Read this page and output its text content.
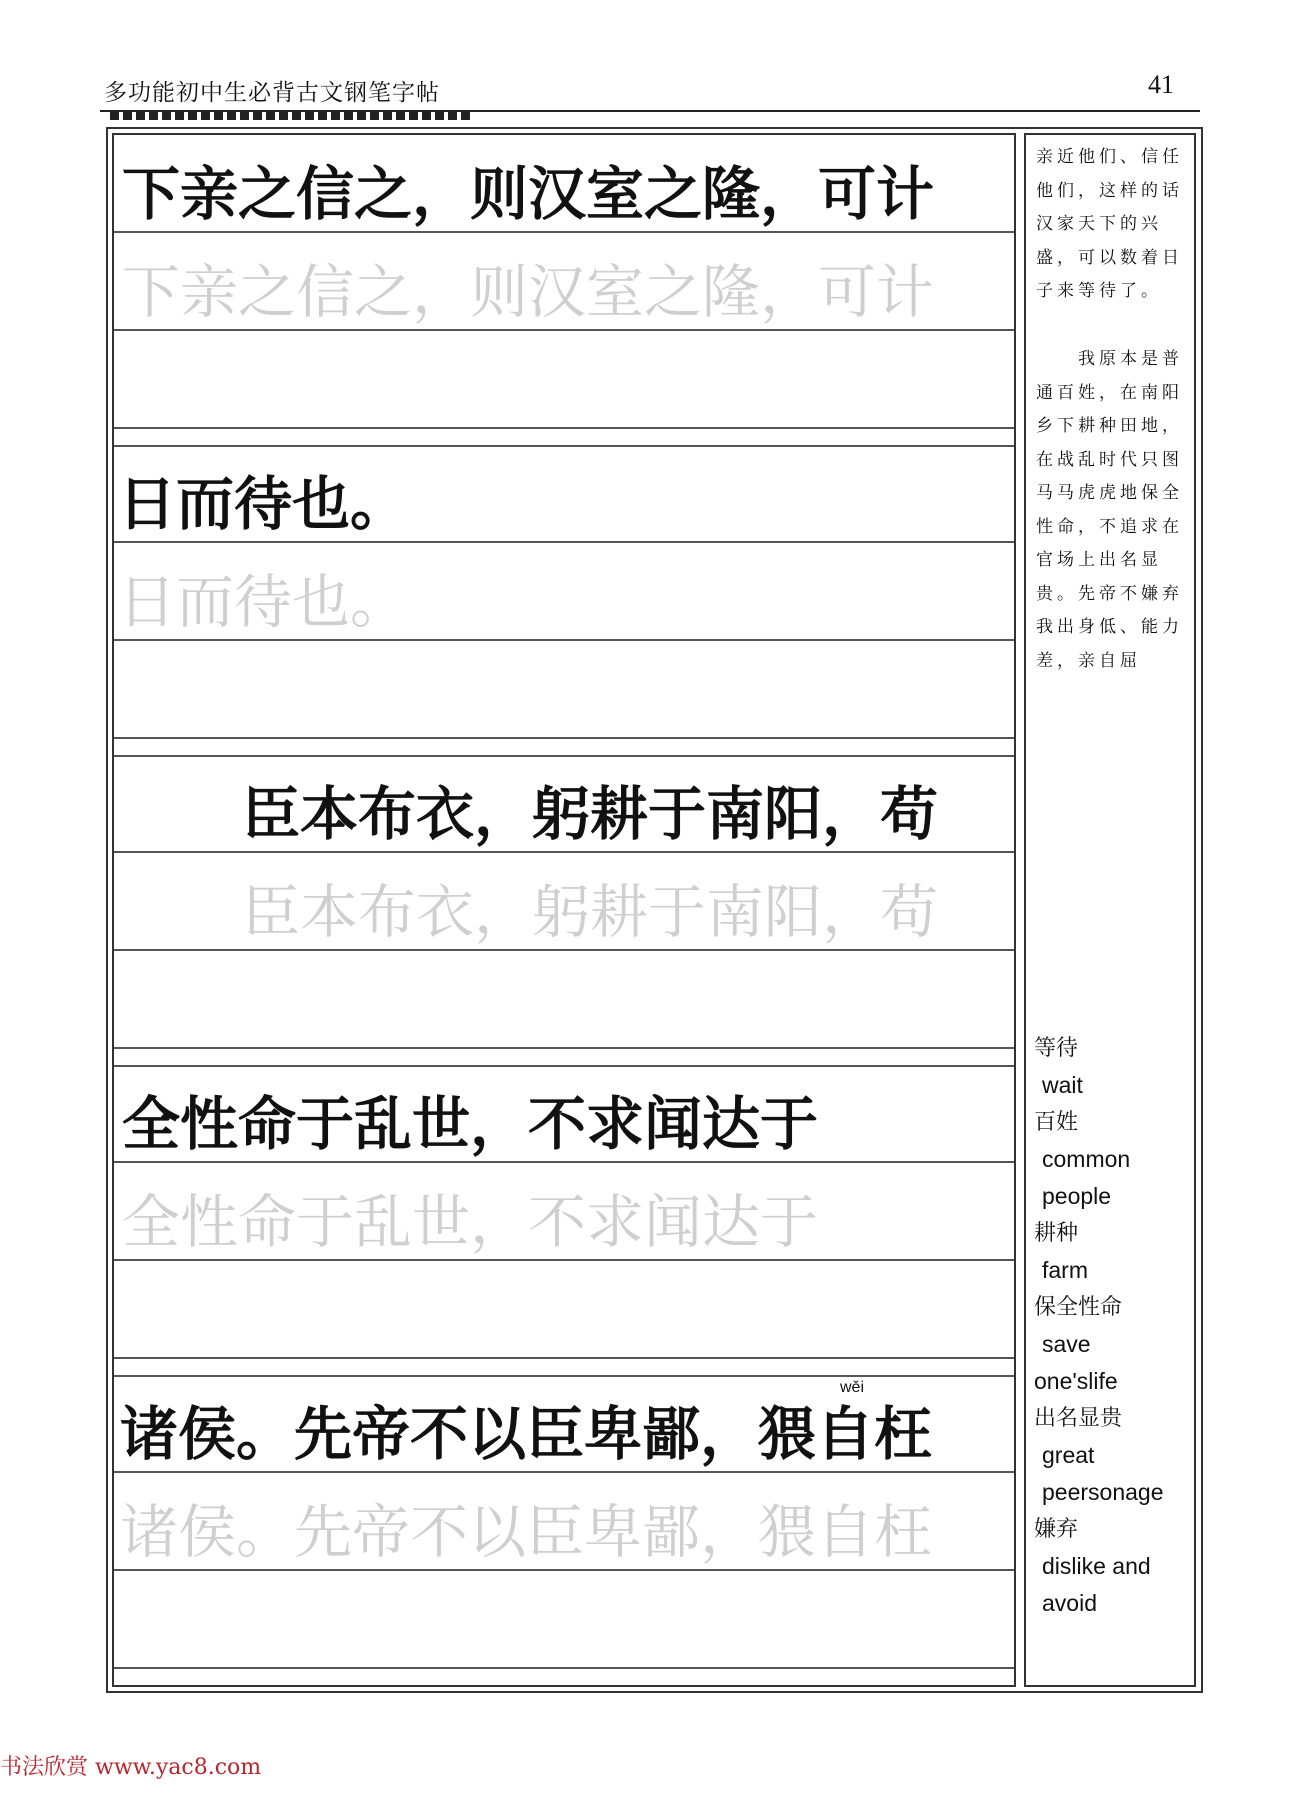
多功能初中生必背古文钢笔字帖	41
下亲之信之，则汉室之隆，可计
下亲之信之，则汉室之隆，可计
日而待也。
日而待也。
臣本布衣，躬耕于南阳，苟
臣本布衣，躬耕于南阳，苟
全性命于乱世，不求闻达于
全性命于乱世，不求闻达于
wěi
诸侯。先帝不以臣卑鄙，猥自枉
诸侯。先帝不以臣卑鄙，猥自枉
亲近他们、信任他们，这样的话汉家天下的兴盛，可以数着日子来等待了。
我原本是普通百姓，在南阳乡下耕种田地，在战乱时代只图马马虎虎地保全性命，不追求在官场上出名显贵。先帝不嫌弃我出身低、能力差，亲自屈
等待
wait
百姓
common
people
耕种
farm
保全性命
save
one'slife
出名显贵
great
peersonage
嫌弃
dislike and
avoid
书法欣赏 www.yac8.com
